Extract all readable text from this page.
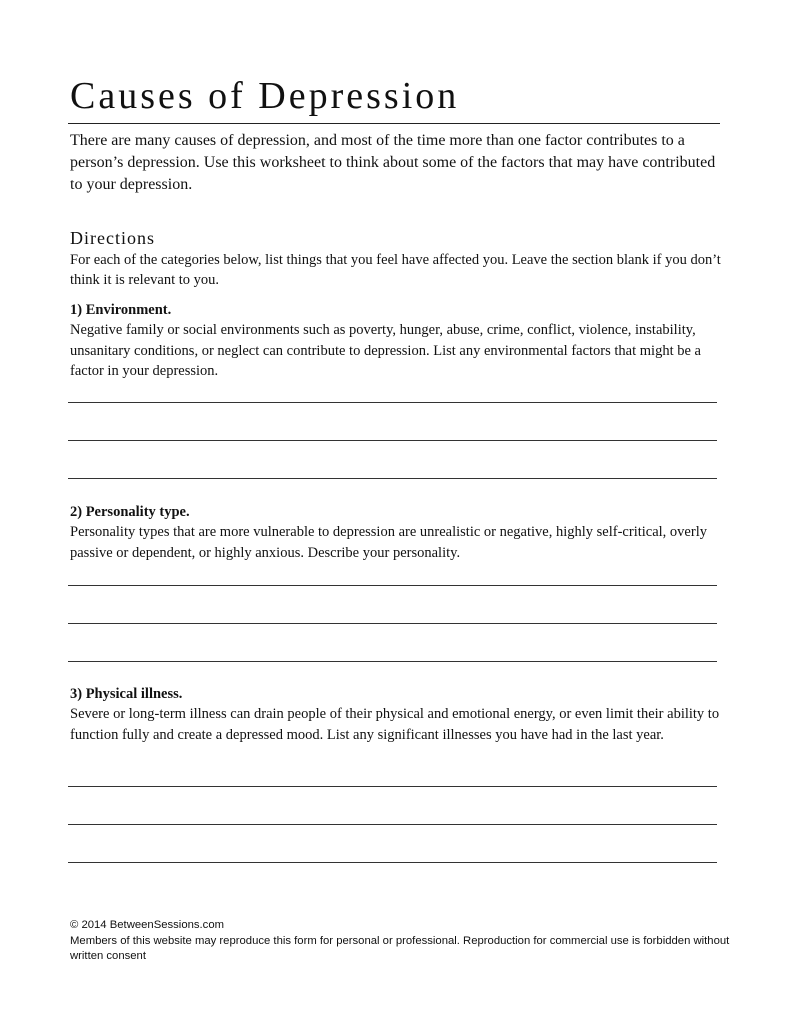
Causes of Depression

There are many causes of depression, and most of the time more than one factor contributes to a person’s depression. Use this worksheet to think about some of the factors that may have contributed to your depression.

Directions

For each of the categories below, list things that you feel have affected you. Leave the section blank if you don’t think it is relevant to you.

1) Environment.

Negative family or social environments such as poverty, hunger, abuse, crime, conflict, violence, instability, unsanitary conditions, or neglect can contribute to depression. List any environmental factors that might be a factor in your depression.

2) Personality type.

Personality types that are more vulnerable to depression are unrealistic or negative, highly self-critical, overly passive or dependent, or highly anxious. Describe your personality.

3) Physical illness.

Severe or long-term illness can drain people of their physical and emotional energy, or even limit their ability to function fully and create a depressed mood. List any significant illnesses you have had in the last year.

© 2014 BetweenSessions.com

Members of this website may reproduce this form for personal or professional. Reproduction for commercial use is forbidden without written consent
